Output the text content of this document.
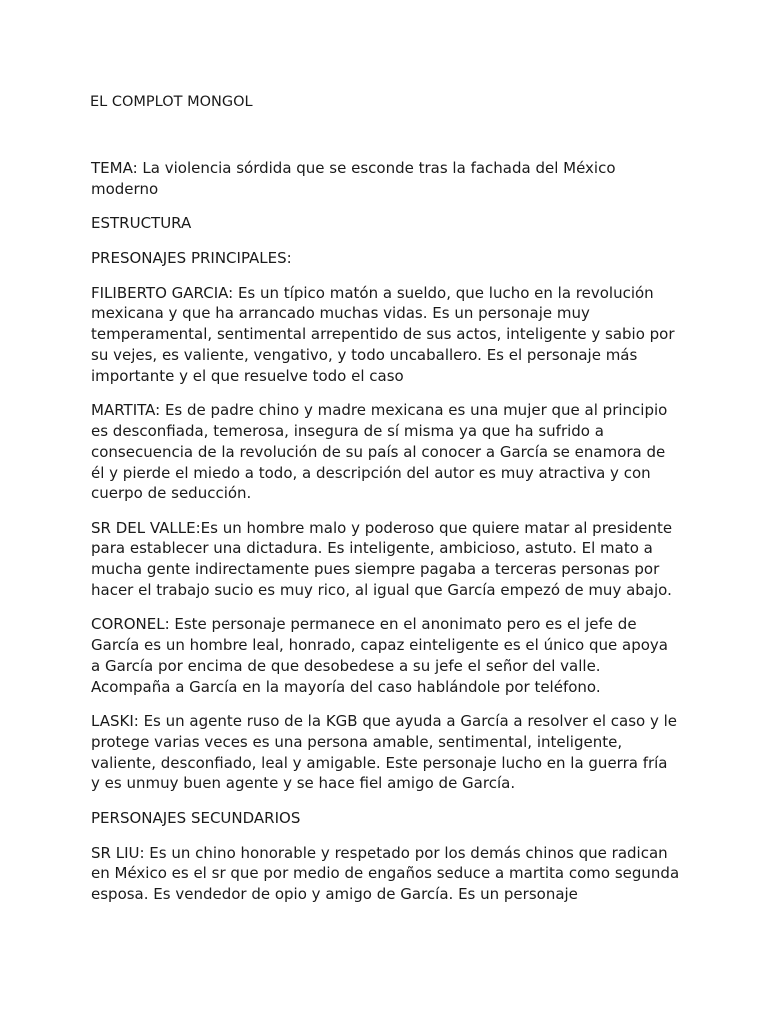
EL COMPLOT MONGOL

TEMA: La violencia sórdida que se esconde tras la fachada del México moderno

ESTRUCTURA

PRESONAJES PRINCIPALES:

FILIBERTO GARCIA: Es un típico matón a sueldo, que lucho en la revolución mexicana y que ha arrancado muchas vidas. Es un personaje muy temperamental, sentimental arrepentido de sus actos, inteligente y sabio por su vejes, es valiente, vengativo, y todo uncaballero. Es el personaje más importante y el que resuelve todo el caso

MARTITA: Es de padre chino y madre mexicana es una mujer que al principio es desconfiada, temerosa, insegura de sí misma ya que ha sufrido a consecuencia de la revolución de su país al conocer a García se enamora de él y pierde el miedo a todo, a descripción del autor es muy atractiva y con cuerpo de seducción.

SR DEL VALLE:Es un hombre malo y poderoso que quiere matar al presidente para establecer una dictadura. Es inteligente, ambicioso, astuto. El mato a mucha gente indirectamente pues siempre pagaba a terceras personas por hacer el trabajo sucio es muy rico, al igual que García empezó de muy abajo.

CORONEL: Este personaje permanece en el anonimato pero es el jefe de García es un hombre leal, honrado, capaz einteligente es el único que apoya a García por encima de que desobedese a su jefe el señor del valle. Acompaña a García en la mayoría del caso hablándole por teléfono.

LASKI: Es un agente ruso de la KGB que ayuda a García a resolver el caso y le protege varias veces es una persona amable, sentimental, inteligente, valiente, desconfiado, leal y amigable. Este personaje lucho en la guerra fría y es unmuy buen agente y se hace fiel amigo de García.

PERSONAJES SECUNDARIOS

SR LIU: Es un chino honorable y respetado por los demás chinos que radican en México es el sr que por medio de engaños seduce a martita como segunda esposa. Es vendedor de opio y amigo de García. Es un personaje
